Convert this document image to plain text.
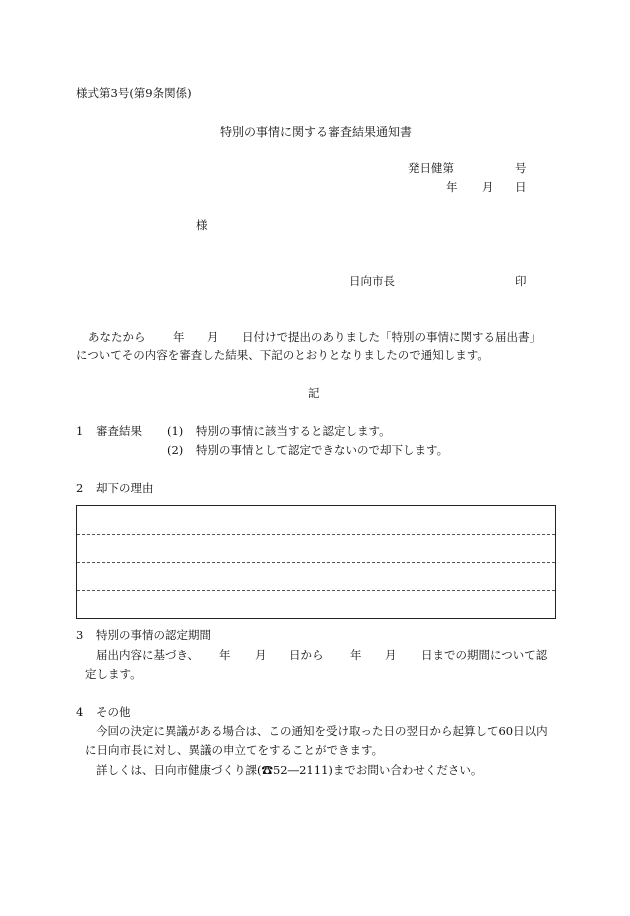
様式第3号(第9条関係)
特別の事情に関する審査結果通知書
発日健第	号
年 月 日
様
日向市長	印
あなたから 年 月 日付けで提出のありました「特別の事情に関する届出書」
についてその内容を審査した結果、下記のとおりとなりましたので通知します。
記
1 審査結果 (1) 特別の事情に該当すると認定します。
(2) 特別の事情として認定できないので却下します。
2 却下の理由
3 特別の事情の認定期間
届出内容に基づき、 年 月 日から 年 月 日までの期間について認
定します。
4 その他
今回の決定に異議がある場合は、この通知を受け取った日の翌日から起算して60日以内
に日向市長に対し、異議の申立てをすることができます。
詳しくは、日向市健康づくり課(☎52―2111)までお問い合わせください。
